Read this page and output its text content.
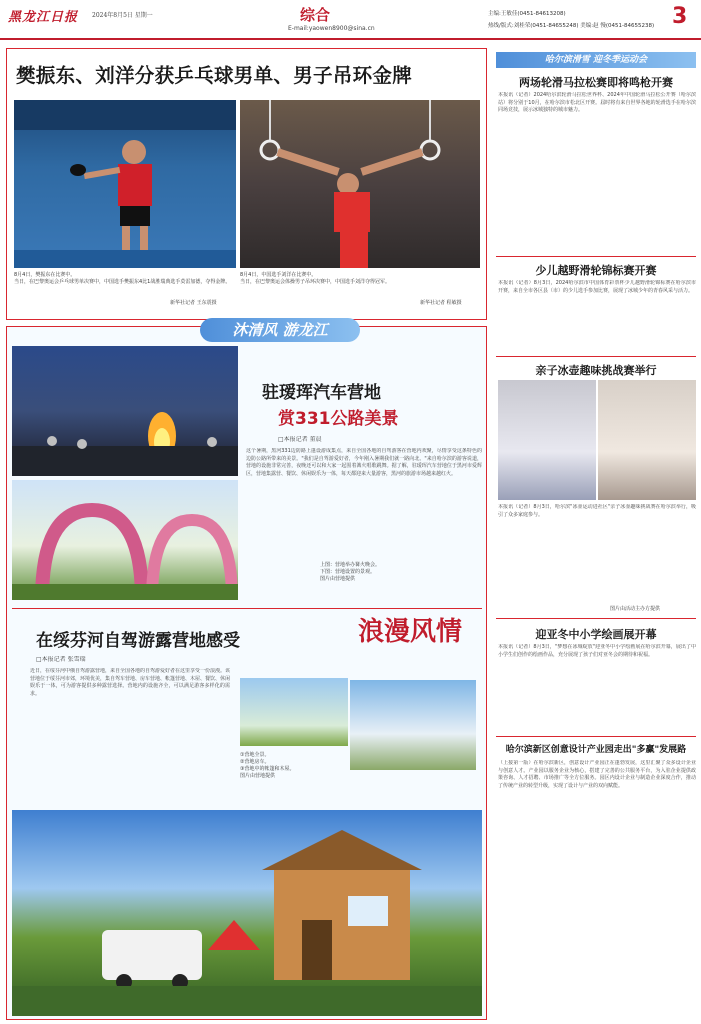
黑龙江日报 2024年8月5日 星期一	综合
E-mail:yaowen8900@sina.cn
主编:王敏佳(0451-84613208)
热线/版式:刘桂荣(0451-84655248) 美编:赵 慢(0451-84655238) 3
樊振东、刘洋分获乒乓球男单、男子吊环金牌
8月4日，樊振东在比赛中。
当日，在巴黎奥运会乒乓球男单决赛中，中国选手樊振东4比1战胜瑞典选手莫雷加德，夺得金牌。
新华社记者 王东震摄
8月4日，中国选手刘洋在比赛中。
当日，在巴黎奥运会体操男子吊环决赛中，中国选手刘洋夺得冠军。
新华社记者 程敏摄
沐清风 游龙江
驻瑷珲汽车营地
赏331公路美景
□本报记者 董晨
这个暑期，黑河331边防路上蓬设游成集点，来自全国各地的自驾游客在营地内欢聚，尽情享受这条特色的边防公路所带来的美景。"我们是自驾游爱好者，今年刚入暑期我们就一路向北。"来自哈尔滨的游客说道，营地的设施非常完善，夜晚还可以和大家一起围着篝火唱歌跳舞。据了解，驻瑷珲汽车营地位于黑河市爱辉区，营地集露营、餐饮、休闲娱乐为一体，每天都迎来大量游客，黑河的旅游市场越来越红火。
上图：营地举办篝火晚会。
下图：营地设置的景观。
图片由营地提供
在绥芬河自驾游露营地感受	浪漫风情
□本报记者 张雪瑞
近日，在绥芬河中俄自驾游露营地，来自全国各地的自驾游爱好者在这里享受一份浪漫。该营地位于绥芬河市郊，环境优美，集自驾车营地、房车营地、帐篷营地、木屋、餐饮、休闲娱乐于一体，可为游客提供多种露营选择。营地内的设施齐全，可以满足游客多样化的需求。
①营地全景。
②营地房车。
③营地中的帐篷和木屋。
图片由营地提供
哈尔滨滑雪 迎冬季运动会
两场轮滑马拉松赛即将鸣枪开赛
本报讯（记者）2024哈尔滨轮滑马拉松世界杯、2024年中国轮滑马拉松公开赛（哈尔滨站）将分别于10月，在哈尔滨市松北区开赛。届时将有来自世界各地的轮滑选手在哈尔滨同场竞技，展示冰城独特的城市魅力。
少儿越野滑轮锦标赛开赛
本报讯（记者）8月3日，2024哈尔滨市中国体育彩票杯少儿越野滑轮锦标赛在哈尔滨市开赛，来自全市各区县（市）的少儿选手参加比赛，展现了冰城少年的青春风采与活力。
亲子冰壶趣味挑战赛举行
本报讯（记者）8月3日，哈尔滨"冰壶运动进社区"亲子冰壶趣味挑战赛在哈尔滨举行，吸引了众多家庭参与。
图片由活动主办方提供
迎亚冬中小学绘画展开幕
本报讯（记者）8月3日，"梦想在冰城绽放"迎亚冬中小学绘画展在哈尔滨开幕，展出了中小学生们创作的绘画作品，充分展现了孩子们对亚冬会的期待和祝福。
哈尔滨新区创意设计产业园走出"多赢"发展路
（上接第一版）在哈尔滨新区，创意设计产业园正在蓬勃发展，这里汇聚了众多设计企业与创意人才。产业园以服务企业为核心，搭建了完善的公共服务平台，为入驻企业提供政策咨询、人才招聘、市场推广等全方位服务。园区内设计企业与制造企业深度合作，推动了传统产业的转型升级，实现了设计与产业的双向赋能。
